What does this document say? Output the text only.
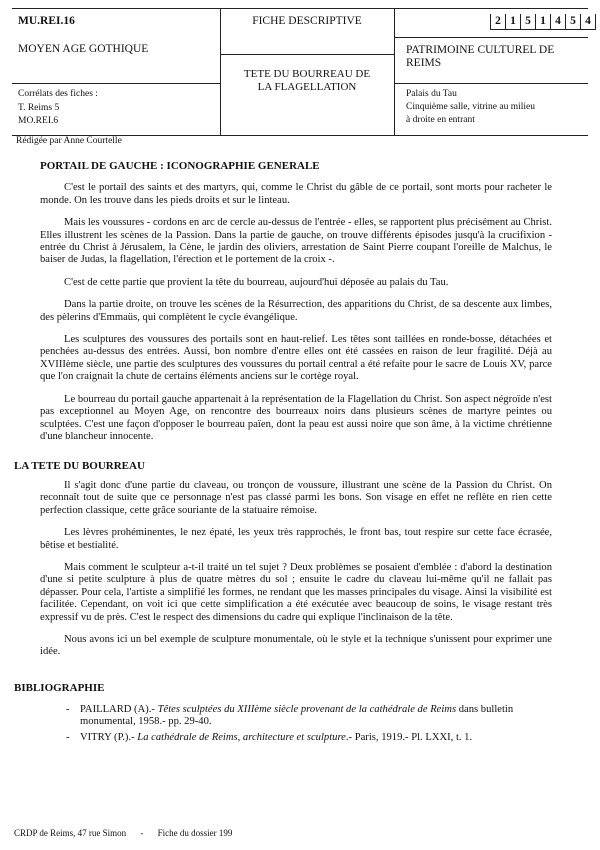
MU.REI.16
MOYEN AGE GOTHIQUE
Corrélats des fiches :
T. Reims 5
MO.REI.6
FICHE DESCRIPTIVE
TETE DU BOURREAU DE
LA FLAGELLATION
2 1 5 1 4 5 4
PATRIMOINE CULTUREL DE REIMS
Palais du Tau
Cinquième salle, vitrine au milieu
à droite en entrant
Rédigée par Anne Courtelle
PORTAIL DE GAUCHE : ICONOGRAPHIE GENERALE

C'est le portail des saints et des martyrs, qui, comme le Christ du gâble de ce portail, sont morts pour racheter le monde. On les trouve dans les pieds droits et sur le linteau.

Mais les voussures - cordons en arc de cercle au-dessus de l'entrée - elles, se rapportent plus précisément au Christ. Elles illustrent les scènes de la Passion. Dans la partie de gauche, on trouve différents épisodes jusqu'à la crucifixion - entrée du Christ à Jérusalem, la Cène, le jardin des oliviers, arrestation de Saint Pierre coupant l'oreille de Malchus, le baiser de Judas, la flagellation, l'érection et le portement de la croix -.

C'est de cette partie que provient la tête du bourreau, aujourd'hui déposée au palais du Tau.

Dans la partie droite, on trouve les scènes de la Résurrection, des apparitions du Christ, de sa descente aux limbes, des pèlerins d'Emmaüs, qui complètent le cycle évangélique.

Les sculptures des voussures des portails sont en haut-relief. Les têtes sont taillées en ronde-bosse, détachées et penchées au-dessus des entrées. Aussi, bon nombre d'entre elles ont été cassées en raison de leur fragilité. Déjà au XVIIIème siècle, une partie des sculptures des voussures du portail central a été refaite pour le sacre de Louis XV, parce que l'on craignait la chute de certains éléments anciens sur le cortège royal.

Le bourreau du portail gauche appartenait à la représentation de la Flagellation du Christ. Son aspect négroïde n'est pas exceptionnel au Moyen Age, on rencontre des bourreaux noirs dans plusieurs scènes de martyre peintes ou sculptées. C'est une façon d'opposer le bourreau païen, dont la peau est aussi noire que son âme, à la victime chrétienne d'une blancheur innocente.

LA TETE DU BOURREAU

Il s'agit donc d'une partie du claveau, ou tronçon de voussure, illustrant une scène de la Passion du Christ. On reconnaît tout de suite que ce personnage n'est pas classé parmi les bons. Son visage en effet ne reflète en rien cette perfection classique, cette grâce souriante de la statuaire rémoise.

Les lèvres prohéminentes, le nez épaté, les yeux très rapprochés, le front bas, tout respire sur cette face écrasée, bêtise et bestialité.

Mais comment le sculpteur a-t-il traité un tel sujet ? Deux problèmes se posaient d'emblée : d'abord la destination d'une si petite sculpture à plus de quatre mètres du sol ; ensuite le cadre du claveau lui-même qu'il ne fallait pas dépasser. Pour cela, l'artiste a simplifié les formes, ne rendant que les masses principales du visage. Ainsi la visibilité est facilitée. Cependant, on voit ici que cette simplification a été exécutée avec beaucoup de soins, le visage restant très expressif vu de près. C'est le respect des dimensions du cadre qui explique l'inclinaison de la tête.

Nous avons ici un bel exemple de sculpture monumentale, où le style et la technique s'unissent pour exprimer une idée.

BIBLIOGRAPHIE
- PAILLARD (A).- Têtes sculptées du XIIIème siècle provenant de la cathédrale de Reims dans bulletin monumental, 1958.- pp. 29-40.
- VITRY (P.).- La cathédrale de Reims, architecture et sculpture.- Paris, 1919.- Pl. LXXI, t. 1.
CRDP de Reims, 47 rue Simon - Fiche du dossier 199
